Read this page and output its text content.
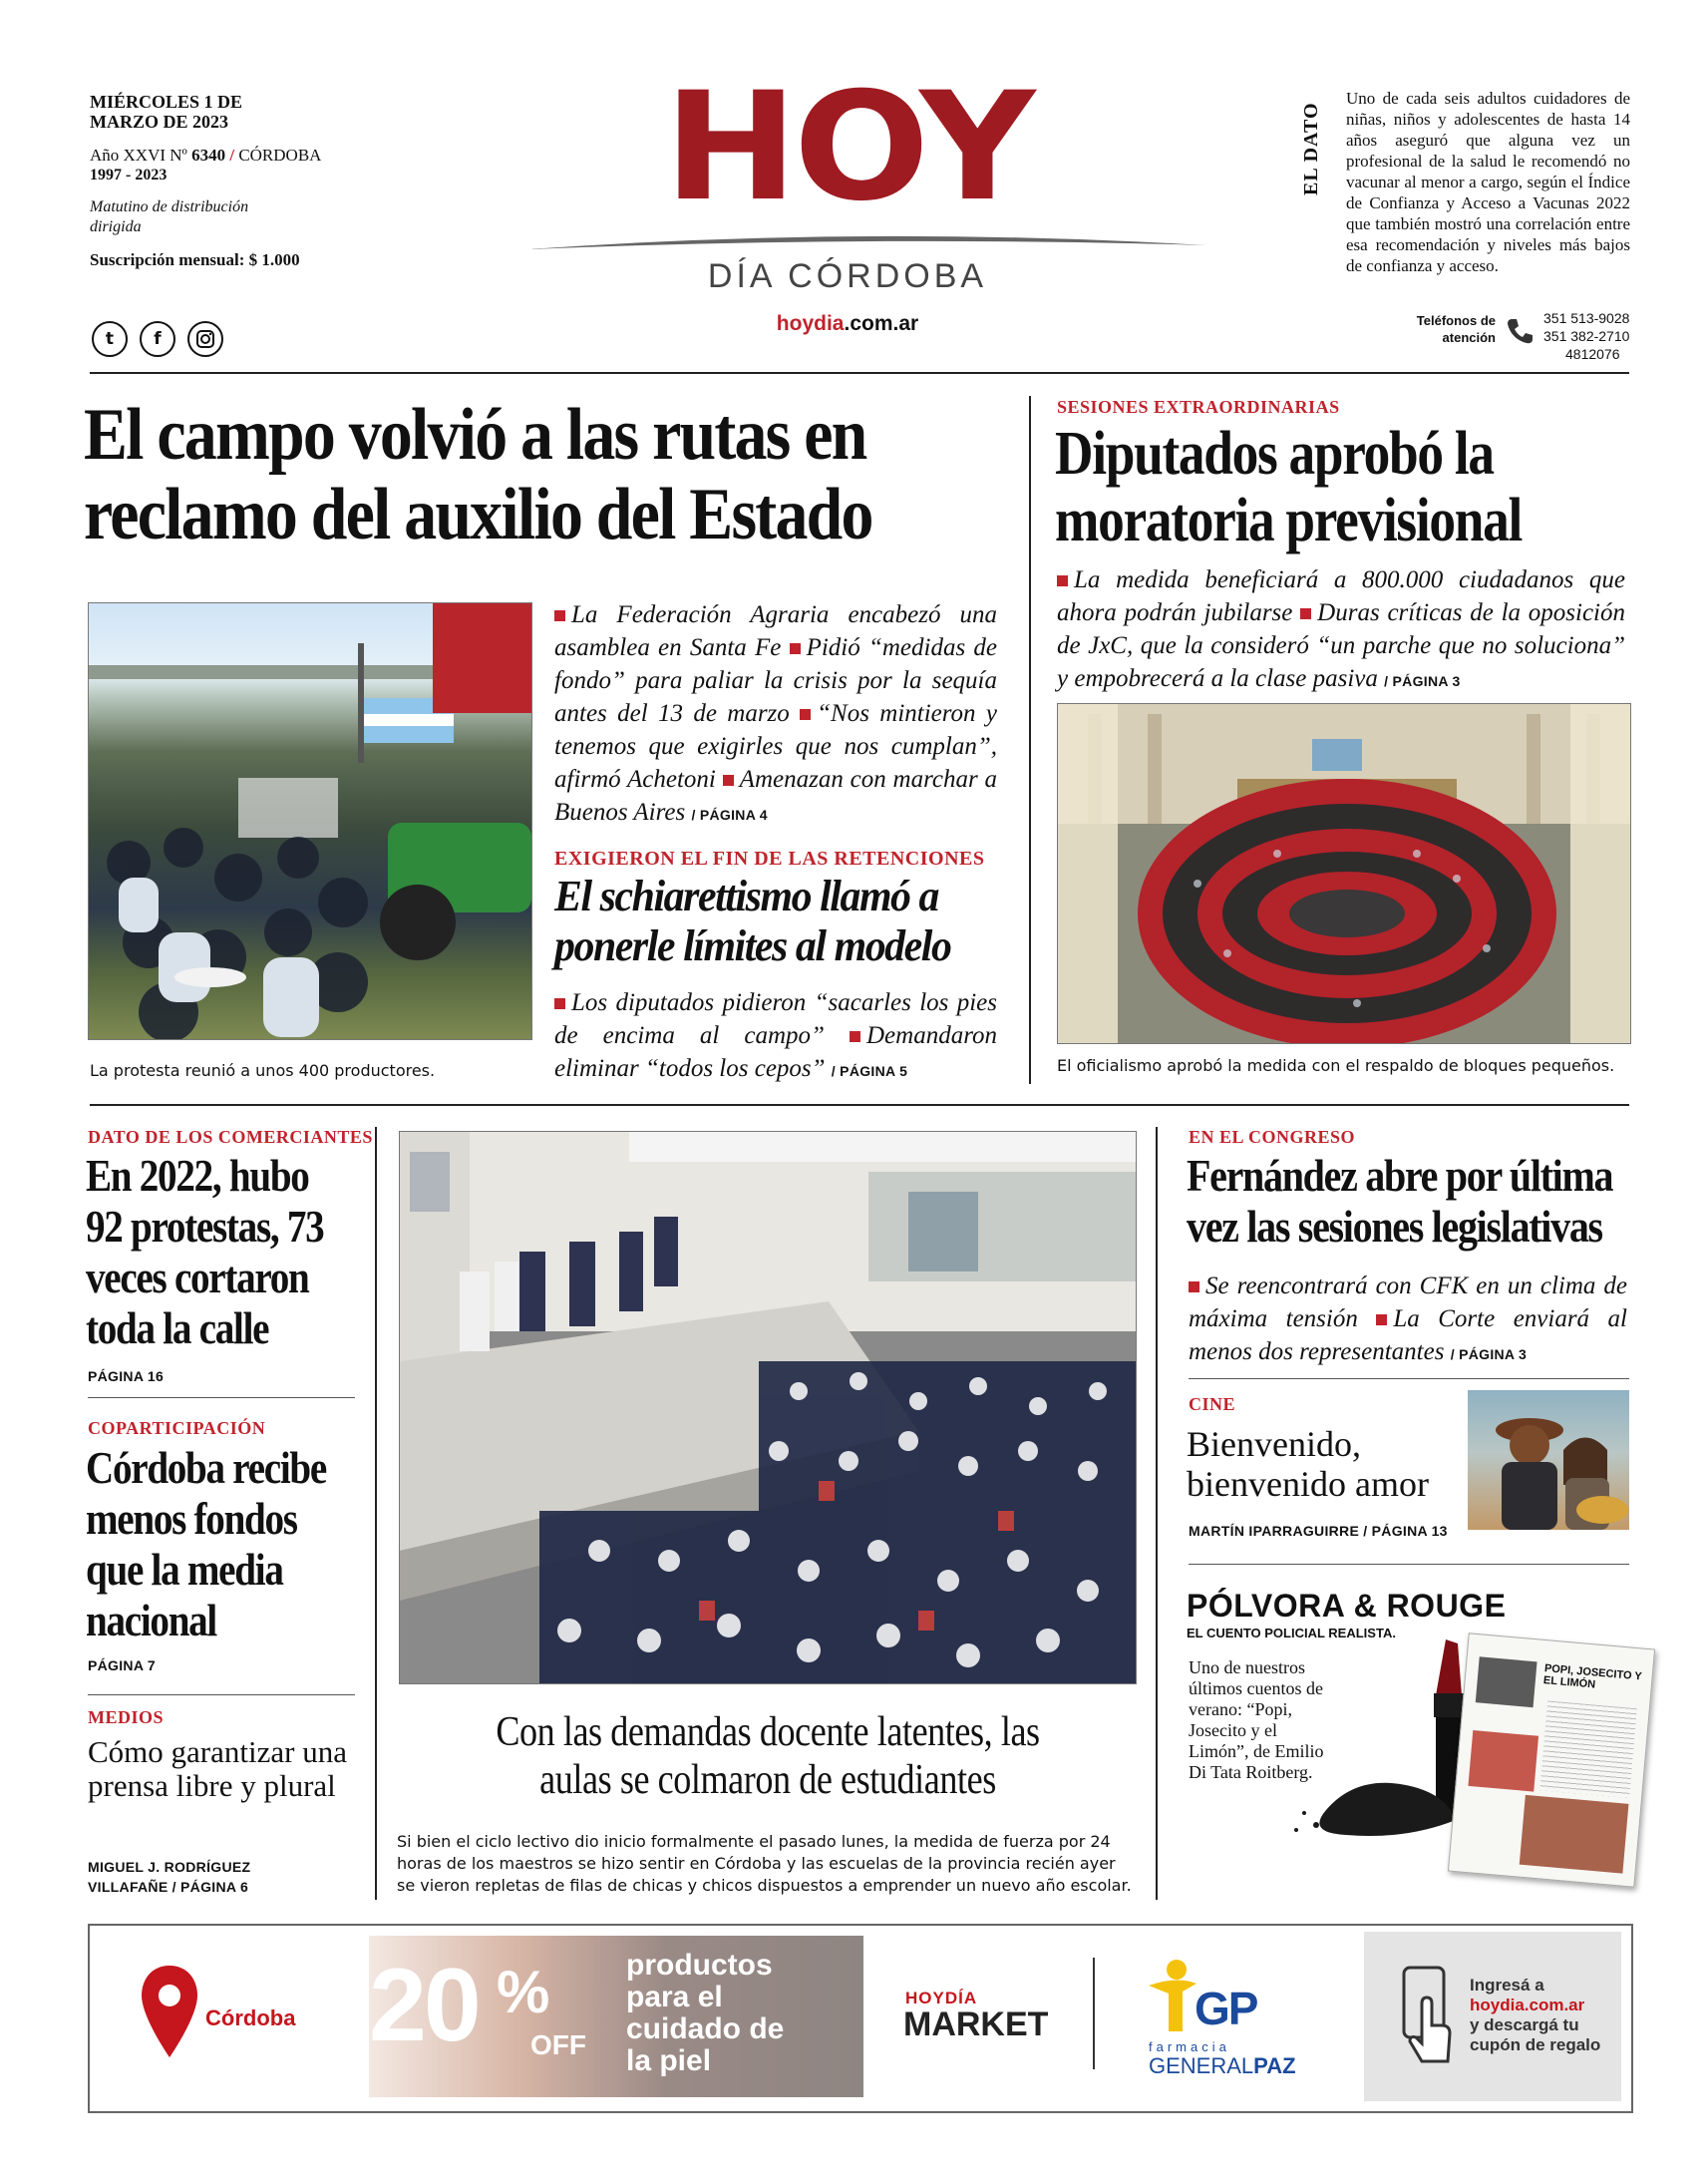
MIÉRCOLES 1 DE MARZO DE 2023
Año XXVI Nº 6340 / CÓRDOBA
1997 - 2023
Matutino de distribución dirigida
Suscripción mensual: $ 1.000
t	f
HOY
DÍA CÓRDOBA
hoydia.com.ar
EL DATO
Uno de cada seis adultos cuidadores de niñas, niños y adolescentes de hasta 14 años aseguró que alguna vez un profesional de la salud le recomendó no vacunar al menor a cargo, según el Índice de Confianza y Acceso a Vacunas 2022 que también mostró una correlación entre esa recomendación y niveles más bajos de confianza y acceso.
Teléfonos de atención
351 513-9028
351 382-2710
4812076
El campo volvió a las rutas en reclamo del auxilio del Estado
La protesta reunió a unos 400 productores.
La Federación Agraria encabezó una asamblea en Santa Fe Pidió “medidas de fondo” para paliar la crisis por la sequía antes del 13 de marzo “Nos mintieron y tenemos que exigirles que nos cumplan”, afirmó Achetoni Amenazan con marchar a Buenos Aires / PÁGINA 4
EXIGIERON EL FIN DE LAS RETENCIONES
El schiarettismo llamó a ponerle límites al modelo
Los diputados pidieron “sacarles los pies de encima al campo” Demandaron eliminar “todos los cepos” / PÁGINA 5
SESIONES EXTRAORDINARIAS
Diputados aprobó la moratoria previsional
La medida beneficiará a 800.000 ciudadanos que ahora podrán jubilarse Duras críticas de la oposición de JxC, que la consideró “un parche que no soluciona” y empobrecerá a la clase pasiva / PÁGINA 3
El oficialismo aprobó la medida con el respaldo de bloques pequeños.
DATO DE LOS COMERCIANTES
En 2022, hubo 92 protestas, 73 veces cortaron toda la calle
PÁGINA 16
COPARTICIPACIÓN
Córdoba recibe menos fondos que la media nacional
PÁGINA 7
MEDIOS
Cómo garantizar una prensa libre y plural
MIGUEL J. RODRÍGUEZ VILLAFAÑE / PÁGINA 6
Con las demandas docente latentes, las aulas se colmaron de estudiantes
Si bien el ciclo lectivo dio inicio formalmente el pasado lunes, la medida de fuerza por 24 horas de los maestros se hizo sentir en Córdoba y las escuelas de la provincia recién ayer se vieron repletas de filas de chicas y chicos dispuestos a emprender un nuevo año escolar.
EN EL CONGRESO
Fernández abre por última vez las sesiones legislativas
Se reencontrará con CFK en un clima de máxima tensión La Corte enviará al menos dos representantes / PÁGINA 3
CINE
Bienvenido, bienvenido amor
MARTÍN IPARRAGUIRRE / PÁGINA 13
PÓLVORA & ROUGE
EL CUENTO POLICIAL REALISTA.
Uno de nuestros últimos cuentos de verano: “Popi, Josecito y el Limón”, de Emilio Di Tata Roitberg.
POPI, JOSECITO Y EL LIMÓN
Córdoba 20 %
OFF
productos para el cuidado de la piel
HOYDÍA
MARKET	GP
farmacia
GENERALPAZ
Ingresá a
hoydia.com.ar
y descargá tu cupón de regalo
